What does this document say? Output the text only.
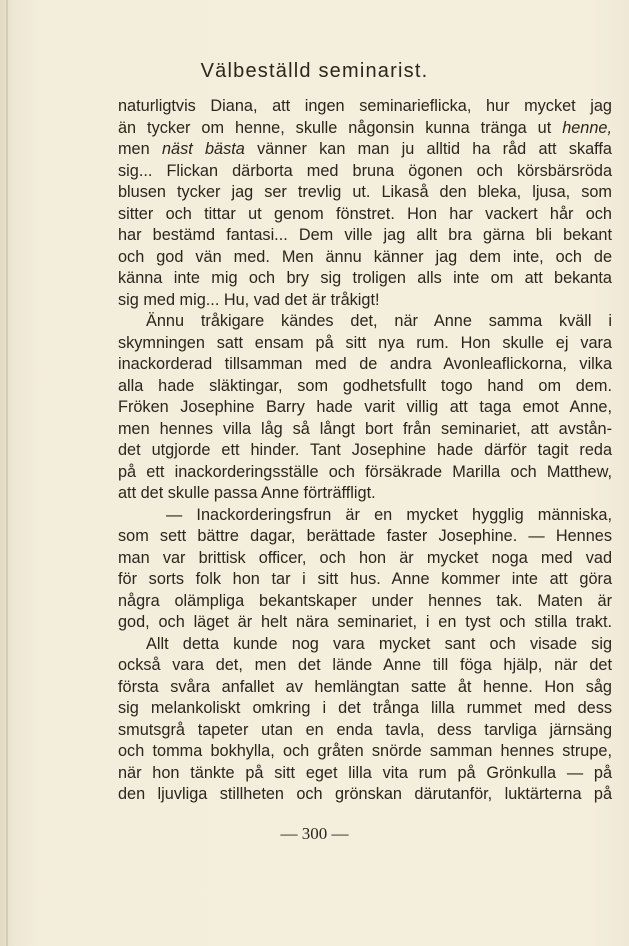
Välbeställd seminarist.
naturligtvis Diana, att ingen seminarieflicka, hur mycket jag
än tycker om henne, skulle någonsin kunna tränga ut henne,
men näst bästa vänner kan man ju alltid ha råd att skaffa
sig... Flickan därborta med bruna ögonen och körsbärsröda
blusen tycker jag ser trevlig ut. Likaså den bleka, ljusa, som
sitter och tittar ut genom fönstret. Hon har vackert hår och
har bestämd fantasi... Dem ville jag allt bra gärna bli bekant
och god vän med. Men ännu känner jag dem inte, och de
känna inte mig och bry sig troligen alls inte om att bekanta
sig med mig... Hu, vad det är tråkigt!
Ännu tråkigare kändes det, när Anne samma kväll i
skymningen satt ensam på sitt nya rum. Hon skulle ej vara
inackorderad tillsamman med de andra Avonleaflickorna, vilka
alla hade släktingar, som godhetsfullt togo hand om dem.
Fröken Josephine Barry hade varit villig att taga emot Anne,
men hennes villa låg så långt bort från seminariet, att avstån-
det utgjorde ett hinder. Tant Josephine hade därför tagit reda
på ett inackorderingsställe och försäkrade Marilla och Matthew,
att det skulle passa Anne förträffligt.
— Inackorderingsfrun är en mycket hygglig människa,
som sett bättre dagar, berättade faster Josephine. — Hennes
man var brittisk officer, och hon är mycket noga med vad
för sorts folk hon tar i sitt hus. Anne kommer inte att göra
några olämpliga bekantskaper under hennes tak. Maten är
god, och läget är helt nära seminariet, i en tyst och stilla trakt.
Allt detta kunde nog vara mycket sant och visade sig
också vara det, men det lände Anne till föga hjälp, när det
första svåra anfallet av hemlängtan satte åt henne. Hon såg
sig melankoliskt omkring i det trånga lilla rummet med dess
smutsgrå tapeter utan en enda tavla, dess tarvliga järnsäng
och tomma bokhylla, och gråten snörde samman hennes strupe,
när hon tänkte på sitt eget lilla vita rum på Grönkulla — på
den ljuvliga stillheten och grönskan därutanför, luktärterna på
— 300 —
